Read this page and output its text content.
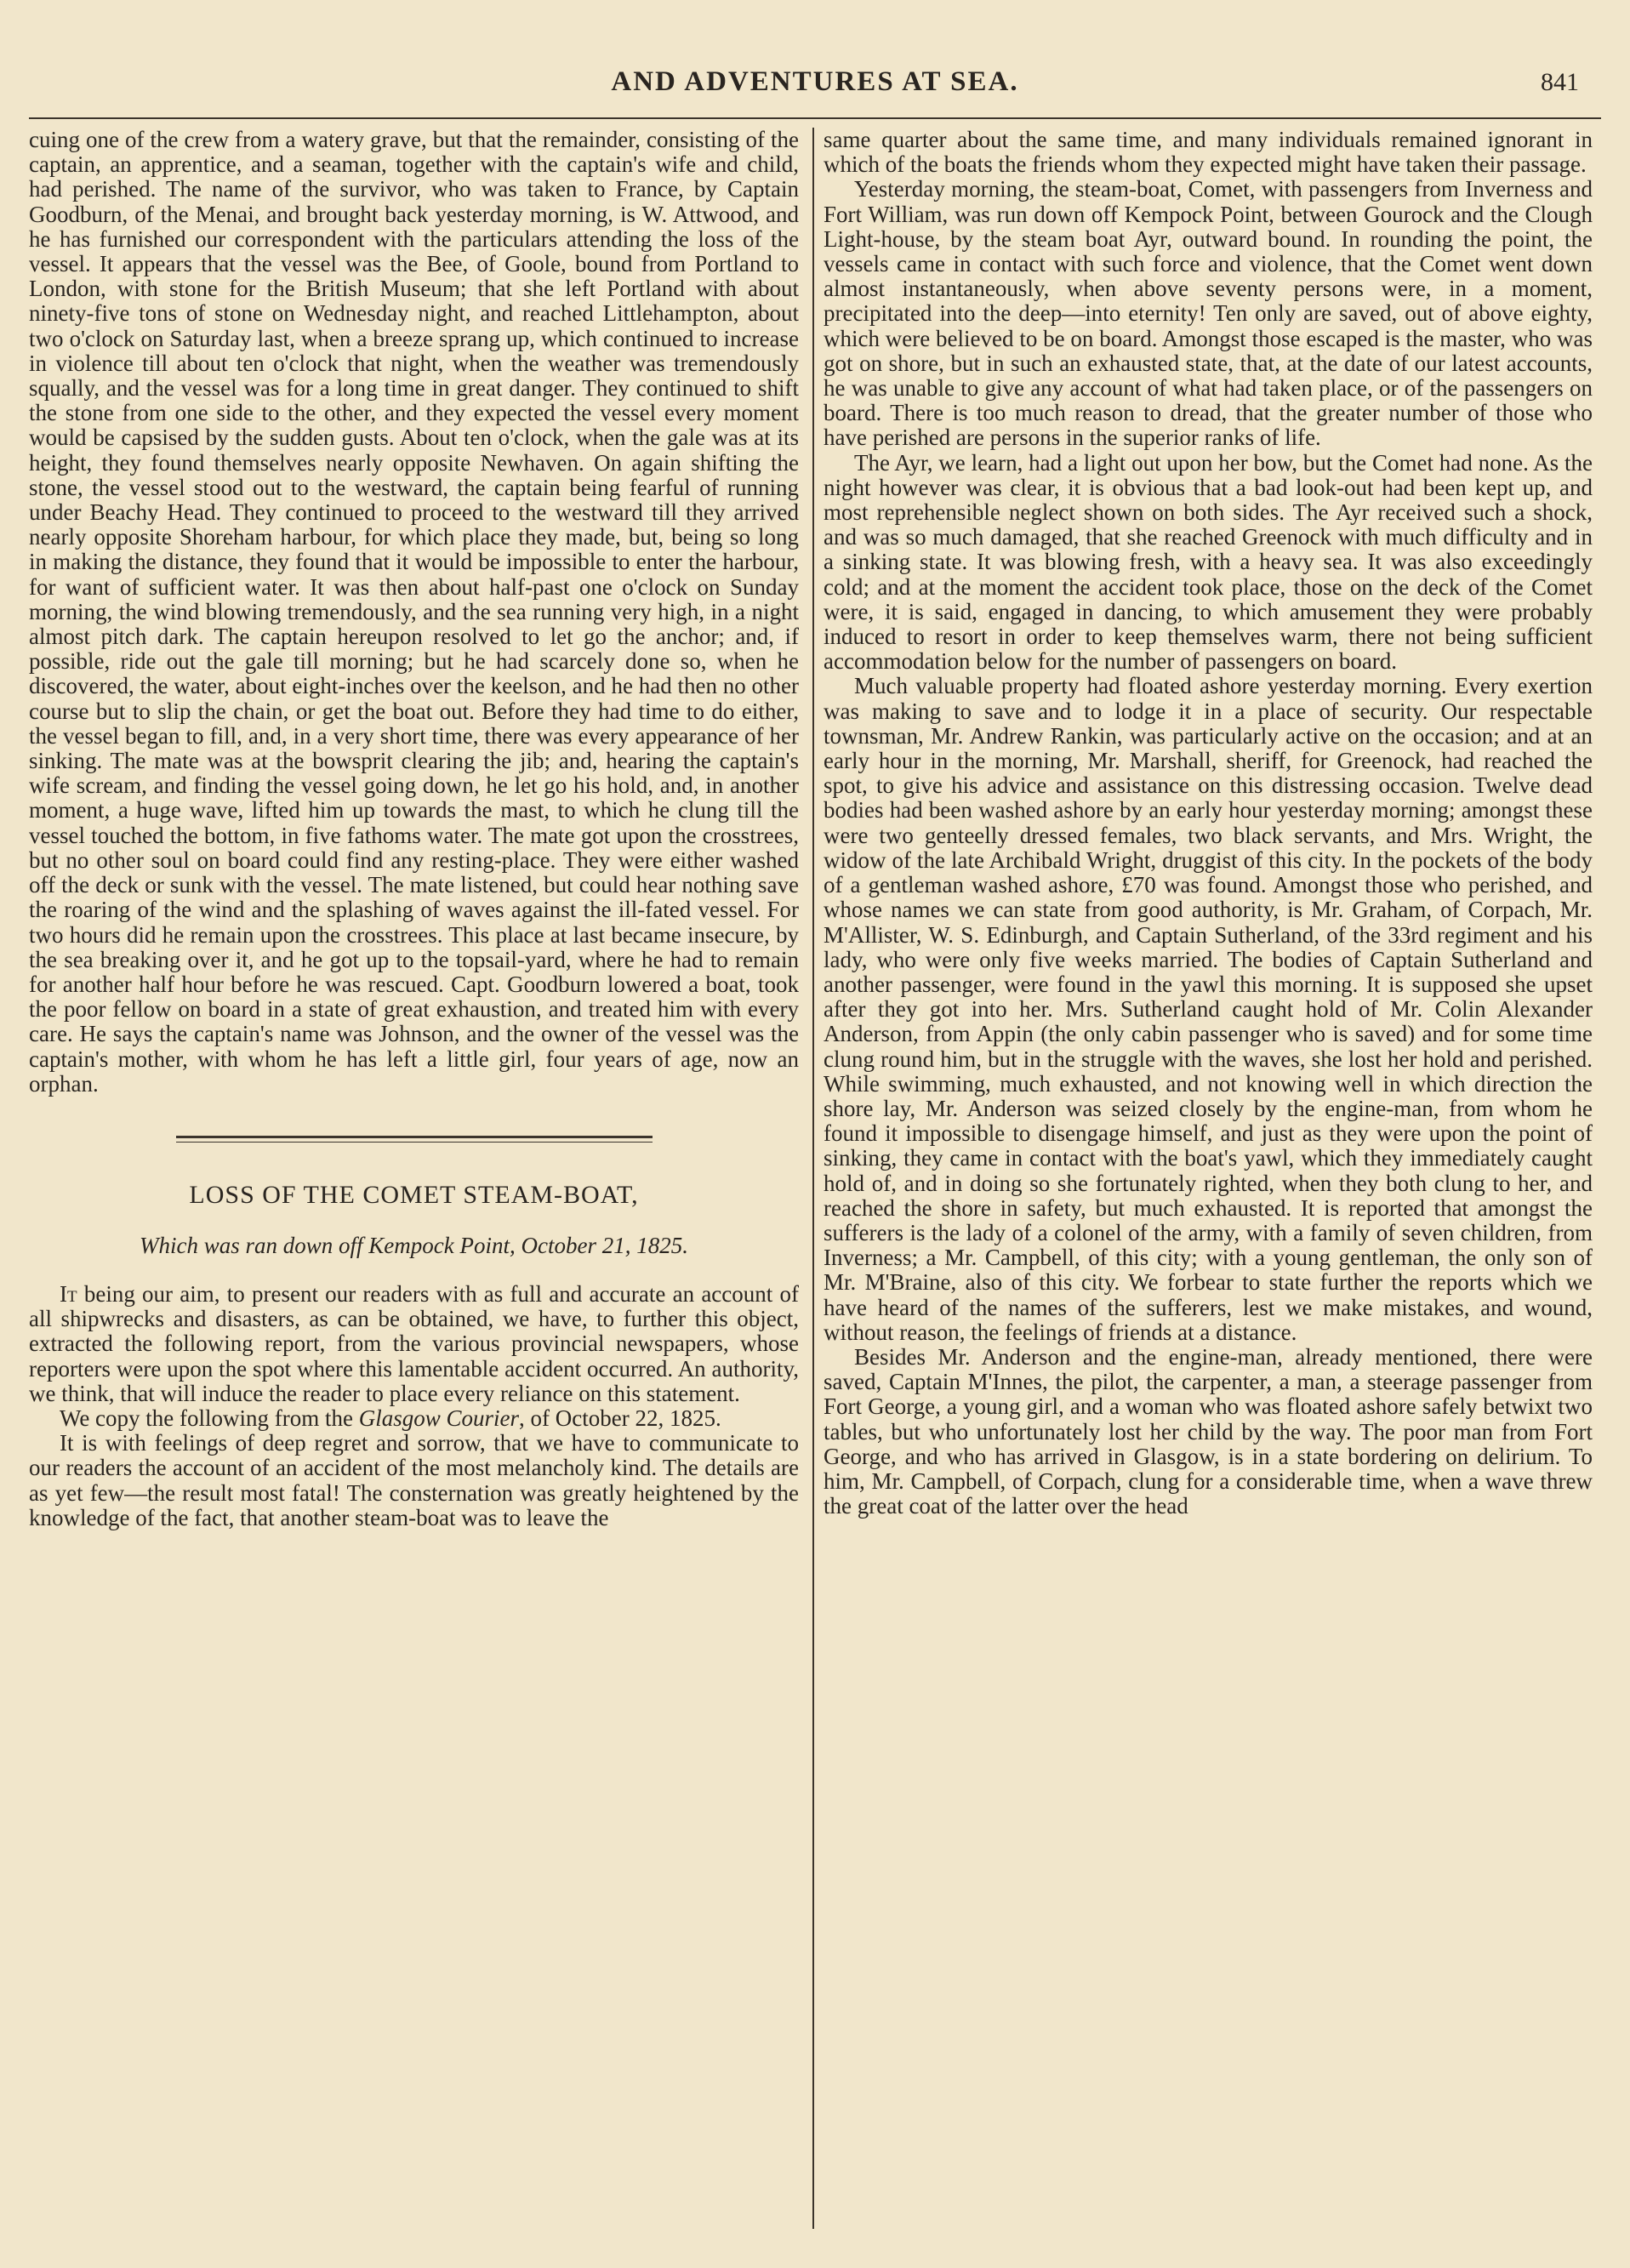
AND ADVENTURES AT SEA.	841

cuing one of the crew from a watery grave, but that the remainder, consisting of the captain, an apprentice, and a seaman, together with the captain's wife and child, had perished. The name of the survivor, who was taken to France, by Captain Goodburn, of the Menai, and brought back yesterday morning, is W. Attwood, and he has furnished our correspondent with the particulars attending the loss of the vessel. It appears that the vessel was the Bee, of Goole, bound from Portland to London, with stone for the British Museum; that she left Portland with about ninety-five tons of stone on Wednesday night, and reached Littlehampton, about two o'clock on Saturday last, when a breeze sprang up, which continued to increase in violence till about ten o'clock that night, when the weather was tremendously squally, and the vessel was for a long time in great danger. They continued to shift the stone from one side to the other, and they expected the vessel every moment would be capsised by the sudden gusts. About ten o'clock, when the gale was at its height, they found themselves nearly opposite Newhaven. On again shifting the stone, the vessel stood out to the westward, the captain being fearful of running under Beachy Head. They continued to proceed to the westward till they arrived nearly opposite Shoreham harbour, for which place they made, but, being so long in making the distance, they found that it would be impossible to enter the harbour, for want of sufficient water. It was then about half-past one o'clock on Sunday morning, the wind blowing tremendously, and the sea running very high, in a night almost pitch dark. The captain hereupon resolved to let go the anchor; and, if possible, ride out the gale till morning; but he had scarcely done so, when he discovered, the water, about eight-inches over the keelson, and he had then no other course but to slip the chain, or get the boat out. Before they had time to do either, the vessel began to fill, and, in a very short time, there was every appearance of her sinking. The mate was at the bowsprit clearing the jib; and, hearing the captain's wife scream, and finding the vessel going down, he let go his hold, and, in another moment, a huge wave, lifted him up towards the mast, to which he clung till the vessel touched the bottom, in five fathoms water. The mate got upon the crosstrees, but no other soul on board could find any resting-place. They were either washed off the deck or sunk with the vessel. The mate listened, but could hear nothing save the roaring of the wind and the splashing of waves against the ill-fated vessel. For two hours did he remain upon the crosstrees. This place at last became insecure, by the sea breaking over it, and he got up to the topsail-yard, where he had to remain for another half hour before he was rescued. Capt. Goodburn lowered a boat, took the poor fellow on board in a state of great exhaustion, and treated him with every care. He says the captain's name was Johnson, and the owner of the vessel was the captain's mother, with whom he has left a little girl, four years of age, now an orphan.

LOSS OF THE COMET STEAM-BOAT,
Which was ran down off Kempock Point, October 21, 1825.

It being our aim, to present our readers with as full and accurate an account of all shipwrecks and disasters, as can be obtained, we have, to further this object, extracted the following report, from the various provincial newspapers, whose reporters were upon the spot where this lamentable accident occurred. An authority, we think, that will induce the reader to place every reliance on this statement.

We copy the following from the Glasgow Courier, of October 22, 1825.

It is with feelings of deep regret and sorrow, that we have to communicate to our readers the account of an accident of the most melancholy kind. The details are as yet few—the result most fatal! The consternation was greatly heightened by the knowledge of the fact, that another steam-boat was to leave the

same quarter about the same time, and many individuals remained ignorant in which of the boats the friends whom they expected might have taken their passage.

Yesterday morning, the steam-boat, Comet, with passengers from Inverness and Fort William, was run down off Kempock Point, between Gourock and the Clough Light-house, by the steam boat Ayr, outward bound. In rounding the point, the vessels came in contact with such force and violence, that the Comet went down almost instantaneously, when above seventy persons were, in a moment, precipitated into the deep—into eternity! Ten only are saved, out of above eighty, which were believed to be on board. Amongst those escaped is the master, who was got on shore, but in such an exhausted state, that, at the date of our latest accounts, he was unable to give any account of what had taken place, or of the passengers on board. There is too much reason to dread, that the greater number of those who have perished are persons in the superior ranks of life.

The Ayr, we learn, had a light out upon her bow, but the Comet had none. As the night however was clear, it is obvious that a bad look-out had been kept up, and most reprehensible neglect shown on both sides. The Ayr received such a shock, and was so much damaged, that she reached Greenock with much difficulty and in a sinking state. It was blowing fresh, with a heavy sea. It was also exceedingly cold; and at the moment the accident took place, those on the deck of the Comet were, it is said, engaged in dancing, to which amusement they were probably induced to resort in order to keep themselves warm, there not being sufficient accommodation below for the number of passengers on board.

Much valuable property had floated ashore yesterday morning. Every exertion was making to save and to lodge it in a place of security. Our respectable townsman, Mr. Andrew Rankin, was particularly active on the occasion; and at an early hour in the morning, Mr. Marshall, sheriff, for Greenock, had reached the spot, to give his advice and assistance on this distressing occasion. Twelve dead bodies had been washed ashore by an early hour yesterday morning; amongst these were two genteelly dressed females, two black servants, and Mrs. Wright, the widow of the late Archibald Wright, druggist of this city. In the pockets of the body of a gentleman washed ashore, £70 was found. Amongst those who perished, and whose names we can state from good authority, is Mr. Graham, of Corpach, Mr. M'Allister, W. S. Edinburgh, and Captain Sutherland, of the 33rd regiment and his lady, who were only five weeks married. The bodies of Captain Sutherland and another passenger, were found in the yawl this morning. It is supposed she upset after they got into her. Mrs. Sutherland caught hold of Mr. Colin Alexander Anderson, from Appin (the only cabin passenger who is saved) and for some time clung round him, but in the struggle with the waves, she lost her hold and perished. While swimming, much exhausted, and not knowing well in which direction the shore lay, Mr. Anderson was seized closely by the engine-man, from whom he found it impossible to disengage himself, and just as they were upon the point of sinking, they came in contact with the boat's yawl, which they immediately caught hold of, and in doing so she fortunately righted, when they both clung to her, and reached the shore in safety, but much exhausted. It is reported that amongst the sufferers is the lady of a colonel of the army, with a family of seven children, from Inverness; a Mr. Campbell, of this city; with a young gentleman, the only son of Mr. M'Braine, also of this city. We forbear to state further the reports which we have heard of the names of the sufferers, lest we make mistakes, and wound, without reason, the feelings of friends at a distance.

Besides Mr. Anderson and the engine-man, already mentioned, there were saved, Captain M'Innes, the pilot, the carpenter, a man, a steerage passenger from Fort George, a young girl, and a woman who was floated ashore safely betwixt two tables, but who unfortunately lost her child by the way. The poor man from Fort George, and who has arrived in Glasgow, is in a state bordering on delirium. To him, Mr. Campbell, of Corpach, clung for a considerable time, when a wave threw the great coat of the latter over the head
